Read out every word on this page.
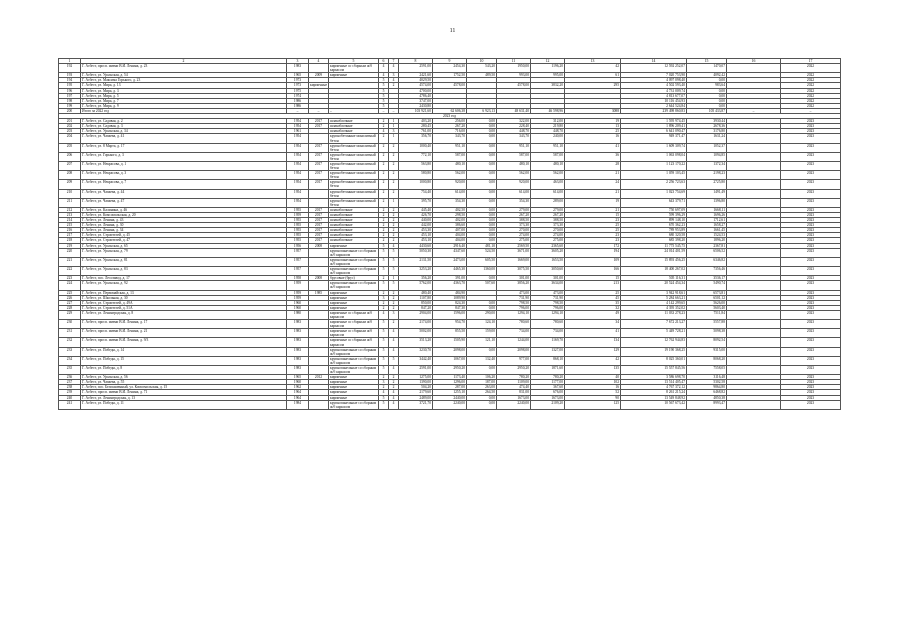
11
1	2	3	4	5	6	7	8	9	10	11	12	13	14	15	16	17
192	Г. Асбест, просп. имени В.И. Ленина, д. 23	1983		кирпичные со сборным ж/б каркасом	4	4	2591,00	2454,30	543,20	1950,00	1196,20	42	12 592 252,07	1470,07		2022
193	Г. Асбест, ул. Уральская, д. 54	1965	2009	кирпичные	4	3	2421,60	1752,50	489,50	993,00	995,00	61	7 020 753,90	4092,42		2022
194	Г. Асбест, ул. Максима Горького, д. 23	1973			5	4	4029,50						4 097 098,40	0,00		2022
195	Г. Асбест, ул. Мира, д. 13	1973	кирпичные		5	2	4574,00	4578,00		4578,00	3832,20	295	4 502 593,40	983,64		2022
196	Г. Асбест, ул. Мира, д. 3	1975			5		4700,00						4 731 009,74	0,00		2022
197	Г. Асбест, ул. Мира, д. 5	1974			5		4786,40						4 813 677,07	0,00		2022
198	Г. Асбест, ул. Мира, д. 7	1986			5		3747,00						10 116 454,93	0,00		2022
199	Г. Асбест, ул. Мира, д. 9	1986			5		2430,80						2 644 524,84	0,00		2022
200	Итого за 2022 год	–	–	–	–	–	103 921,60	62 606,38	6 923,13	48 631,40	46 598,96	3088	239 498 860,83	105 433,87	–	–
2023 год																
201	Г. Асбест, ул. Садовая, д. 2	1954	2017	шлакоблочные	2	1	403,20	256,00	0,00	322,00	312,00	19	1 595 974,45	3930,44		2023
202	Г. Асбест, ул. Садовая, д. 3	1954	2017	шлакоблочные	2	1	280,45	267,20	0,00	228,40	219,80	13	1 896 209,41	2678,36		2023
203	Г. Асбест, ул. Уральская, д. 34	1961		шлакоблочные	4	3	761,00	716,00	0,00	448,70	448,70	25	6 641 090,47	3176,80		2023
204	Г. Асбест, ул. Чапаева, д. 41	1954		крупнобетонные монолитный бетон	2	1	356,70	343,70	0,00	343,70	240,00	16	949 371,47	1631,24		2023
205	Г. Асбест, ул. 8 Марта, д. 17	1954	2017	крупнобетонные монолитный бетон	2	2	1000,40	951,10	0,00	951,10	951,10	41	1 609 309,74	1052,37		2023
206	Г. Асбест, ул. Горького, д. 3	1954	2017	крупнобетонные монолитный бетон	2	2	772,10	587,00	0,00	587,00	587,00	36	1 063 098,04	1094,85		2023
207	Г. Асбест, ул. Некрасова, д. 1	1954	2017	крупнобетонные монолитный бетон	2	2	563,80	480,10	0,00	480,10	480,10	28	1 123 170,22	1372,34		2023
208	Г. Асбест, ул. Некрасова, д. 3	1954	2017	крупнобетонные монолитный бетон	2	2	580,80	562,00	0,00	562,00	562,00	21	1 059 103,45	2198,23		2023
209	Г. Асбест, ул. Некрасова, д. 7	1954	2017	крупнобетонные монолитный бетон	2	2	1000,80	920,00	0,00	920,00	463,00	24	2 256 723,63	2725,80		2023
210	Г. Асбест, ул. Чапаева, д. 44	1954		крупнобетонные монолитный бетон	2	2	754,40	614,00	0,00	614,00	614,00	21	1 023 754,69	1491,49		2023
211	Г. Асбест, ул. Чапаева, д. 47	1954		крупнобетонные монолитный бетон	2	1	395,70	354,30	0,00	354,30	289,00	19	643 379,71	1396,80		2023
212	Г. Асбест, ул. Калинина, д. 46	1955	2017	шлакоблочные	2	2	445,40	402,50	0,00	279,00	279,00	21	750 697,09	1668,11		2023
213	Г. Асбест, ул. Комсомольская, д. 20	1959	2017	шлакоблочные	2	2	426,70	298,50	0,00	267,20	267,20	15	599 396,29	1696,26		2023
214	Г. Асбест, ул. Ленина, д. 43	1955	2017	шлакоблочные	2	2	440,00	402,00	0,00	388,50	388,50	23	899 148,10	1712,61		2023
215	Г. Асбест, ул. Ленина, д. 30	1955	2017	шлакоблочные	2	2	442,00	386,60	0,00	373,30	373,30	25	670 362,23	1658,27		2023
216	Г. Асбест, ул. Ленина, д. 34	1955	2017	шлакоблочные	2	2	453,30	407,00	0,00	270,00	270,00	25	789 953,89	1661,45		2023
217	Г. Асбест, ул. Строителей, д. 45	1955	2017	шлакоблочные	2	2	453,10	404,00	0,00	274,00	274,00	23	680 320,58	1524,53		2023
218	Г. Асбест, ул. Строителей, д. 47	1955	2017	шлакоблочные	2	2	453,10	404,00	0,00	275,00	275,00	23	685 398,20	1896,20		2023
219	Г. Асбест, ул. Уральская, д. 65	1956	2008	кирпичные	5	4	4430,60	2916,40	481,10	2569,50	2365,60	172	11 775 545,75	2367,81		2023
220	Г. Асбест, ул. Уральская, д. 79	1957		крупнопанельные со сборным ж/б каркасом	5	5	5050,30	4347,60	524,50	3671,00	3605,20	194	24 014 401,59	6506,52		2023
221	Г. Асбест, ул. Уральская, д. 81	1957		крупнопанельные со сборным ж/б каркасом	5	5	2131,50	2473,00	605,50	1669,00	1653,50	109	15 893 456,25	6346,82		2023
222	Г. Асбест, ул. Уральская, д. 83	1957		крупнопанельные со сборным ж/б каркасом	5	5	3253,20	4465,30	1360,00	3075,50	3050,60	166	18 400 267,02	7356,46		2023
223	Г. Асбест, пос. Лесозавод, д. 17	1958	2008	брусовые (брус)	2	1	356,20	391,00	0,00	301,00	301,00	15	505 116,31	3536,17		2023
224	Г. Асбест, ул. Уральская, д. 92	1959		крупнопанельные со сборным ж/б каркасом	5	5	5762,00	4363,70	507,60	3856,20	3634,00	213	20 524 454,34	5490,74		2023
225	Г. Асбест, ул. Первомайская, д. 13	1959	1985	кирпичные	2	2	480,40	484,90		473,00	473,00	25	3 942 918,61	6573,81		2023
226	Г. Асбест, ул. Школьная, д. 30	1959		кирпичные	3	2	1107,80	1089,90		731,90	731,90	45	5 284 663,21	6501,12		2023
227	Г. Асбест, ул. Строителей, д. 49А	1960		кирпичные	2	2	850,00	824,30	0,00	798,50	798,50	35	4 142 299,65	5626,00		2023
228	Г. Асбест, ул. Строителей, д. 51А	1960		кирпичные	2	2	847,20	847,30	0,00	796,00	796,00	32	4 395 352,02	5603,40		2023
229	Г. Асбест, ул. Ленинградская, д. 8	1980		кирпичные со сборным ж/б каркасом	4	3	2904,00	1596,00	290,00	1294,10	1294,10	49	11 033 278,23	7511,84		2023
230	Г. Асбест, просп. имени В.И. Ленина, д. 17	1983		кирпичные со сборным ж/б каркасом	5	2	2174,00	954,70	124,10	780,60	780,60	34	7 672 213,27	5557,88		2023
231	Г. Асбест, просп. имени В.И. Ленина, д. 21	1983		кирпичные со сборным ж/б каркасом	5	4	5002,00	855,50	159,00	734,00	734,00	41	5 449 728,21	5098,38		2023
232	Г. Асбест, просп. имени В.И. Ленина, д. 9/3	1983		кирпичные со сборным ж/б каркасом	5	4	3513,20	1505,90	121,10	1244,00	1169,70	134	12 762 944,83	8092,54		2023
233	Г. Асбест, ул. Победы, д. 14	1983		крупнопанельные со сборным ж/б каркасом	5	4	3230,70	2098,00	0,00	2098,00	1327,00	129	19 190 368,25	9315,00		2023
234	Г. Асбест, ул. Победы, д. 15	1983		крупнопанельные со сборным ж/б каркасом	5	5	3442,40	1067,00	132,40	977,00	868,10	42	8 025 360,01	8068,20		2023
235	Г. Асбест, ул. Победы, д. 8	1983		крупнопанельные со сборным ж/б каркасом	5	4	2591,00	2950,20	0,00	2950,20	1871,60	135	15 557 845,56	7558,05		2023
236	Г. Асбест, ул. Уральская, д. 56	1965	2012	кирпичные	2	2	1275,00	1173,40	106,20	780,20	780,20	40	3 586 698,70	3116,48		2023
237	Г. Асбест, ул. Чапаева, д. 55	1960		кирпичные	3	2	1390,00	1296,00	187,00	1109,00	1177,00	102	13 514 405,47	5302,58		2023
238	Г. Асбест, пос. Белокаменный, ул. Комсомольская, д. 15	1962		кирпичные	2	2	504,20	287,00	263,00	474,40	367,60	16	4 767 372,12	9864,80		2023
239	Г. Асбест, просп. имени В.И. Ленина, д. 71	1964		кирпичные	4	4	2179,60	1255,10	264,50	831,00	676,00	52	8 261 215,24	6468,82		2023
240	Г. Асбест, ул. Ленинградская, д. 13	1964		кирпичные	5	4	2489,00	2440,00	0,00	1673,00	1673,00	90	13 549 848,92	4850,38		2023
241	Г. Асбест, ул. Победы, д. 11	1984		крупнопанельные со сборным ж/б каркасом	5	4	3721,70	2240,00	0,00	2240,00	2109,20	125	10 567 673,42	8993,47		2023
